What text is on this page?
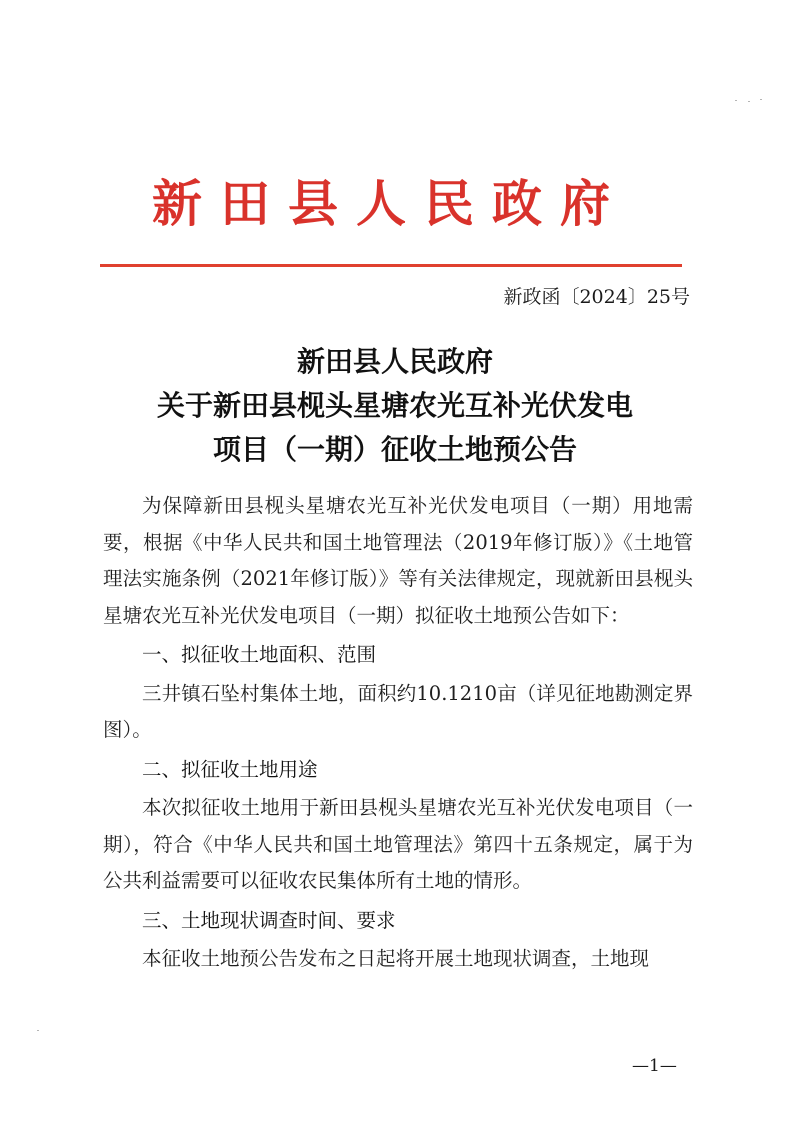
新田县人民政府
新政函〔2024〕25号
新田县人民政府
关于新田县枧头星塘农光互补光伏发电
项目（一期）征收土地预公告

为保障新田县枧头星塘农光互补光伏发电项目（一期）用地需要，根据《中华人民共和国土地管理法（2019年修订版）》《土地管理法实施条例（2021年修订版）》等有关法律规定，现就新田县枧头星塘农光互补光伏发电项目（一期）拟征收土地预公告如下：

一、拟征收土地面积、范围

三井镇石坠村集体土地，面积约10.1210亩（详见征地勘测定界图）。

二、拟征收土地用途

本次拟征收土地用于新田县枧头星塘农光互补光伏发电项目（一期），符合《中华人民共和国土地管理法》第四十五条规定，属于为公共利益需要可以征收农民集体所有土地的情形。

三、土地现状调查时间、要求

本征收土地预公告发布之日起将开展土地现状调查，土地现

—1—
